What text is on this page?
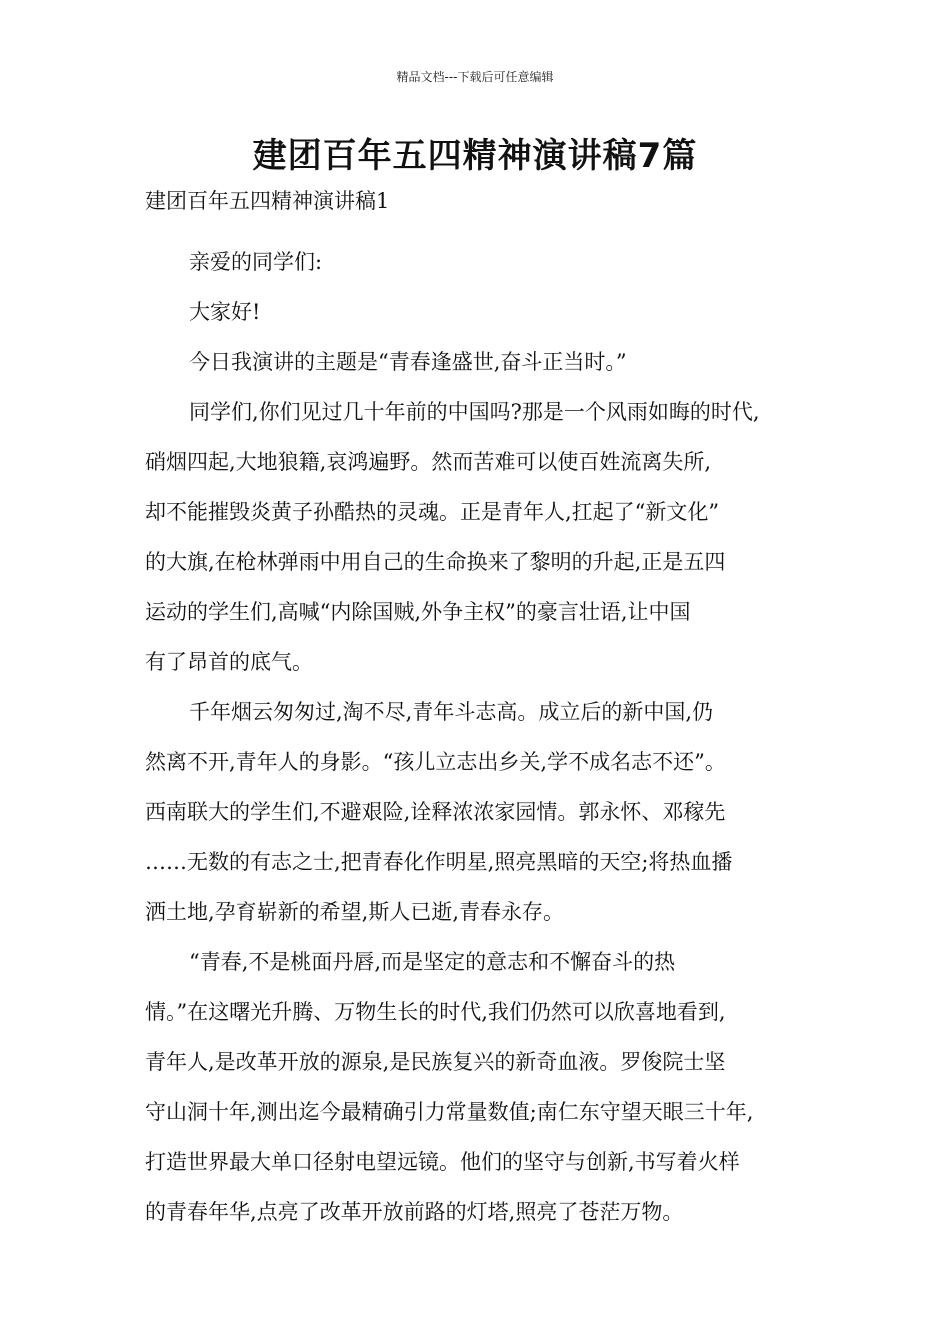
精品文档---下载后可任意编辑
建团百年五四精神演讲稿7篇
建团百年五四精神演讲稿1
亲爱的同学们:
大家好!
今日我演讲的主题是“青春逢盛世,奋斗正当时。”
同学们,你们见过几十年前的中国吗?那是一个风雨如晦的时代,
硝烟四起,大地狼籍,哀鸿遍野。然而苦难可以使百姓流离失所,
却不能摧毁炎黄子孙酷热的灵魂。正是青年人,扛起了“新文化”
的大旗,在枪林弹雨中用自己的生命换来了黎明的升起,正是五四
运动的学生们,高喊“内除国贼,外争主权”的豪言壮语,让中国
有了昂首的底气。
千年烟云匆匆过,淘不尽,青年斗志高。成立后的新中国,仍
然离不开,青年人的身影。“孩儿立志出乡关,学不成名志不还”。
西南联大的学生们,不避艰险,诠释浓浓家园情。郭永怀、邓稼先
……无数的有志之士,把青春化作明星,照亮黑暗的天空;将热血播
洒土地,孕育崭新的希望,斯人已逝,青春永存。
“青春,不是桃面丹唇,而是坚定的意志和不懈奋斗的热
情。”在这曙光升腾、万物生长的时代,我们仍然可以欣喜地看到,
青年人,是改革开放的源泉,是民族复兴的新奇血液。罗俊院士坚
守山洞十年,测出迄今最精确引力常量数值;南仁东守望天眼三十年,
打造世界最大单口径射电望远镜。他们的坚守与创新,书写着火样
的青春年华,点亮了改革开放前路的灯塔,照亮了苍茫万物。
